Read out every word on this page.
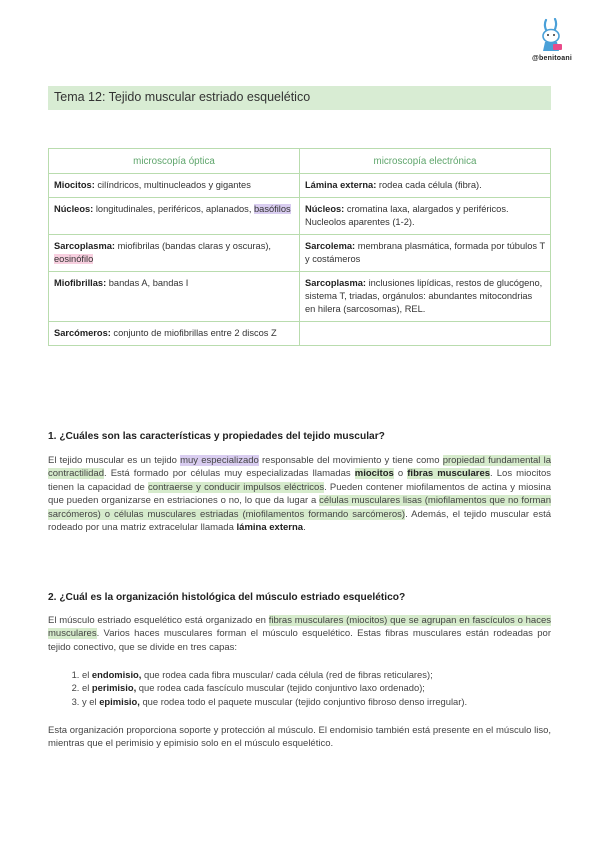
@benitoani
Tema 12: Tejido muscular estriado esquelético
microscopía óptica	microscopía electrónica
Miocitos: cilíndricos, multinucleados y gigantes	Lámina externa: rodea cada célula (fibra).
Núcleos: longitudinales, periféricos, aplanados, basófilos	Núcleos: cromatina laxa, alargados y periféricos. Nucleolos aparentes (1-2).
Sarcoplasma: miofibrilas (bandas claras y oscuras), eosinófilo	Sarcolema: membrana plasmática, formada por túbulos T y costámeros
Miofibrillas: bandas A, bandas I	Sarcoplasma: inclusiones lipídicas, restos de glucógeno, sistema T, triadas, orgánulos: abundantes mitocondrias en hilera (sarcosomas), REL.
Sarcómeros: conjunto de miofibrillas entre 2 discos Z	
1. ¿Cuáles son las características y propiedades del tejido muscular?
El tejido muscular es un tejido muy especializado responsable del movimiento y tiene como propiedad fundamental la contractilidad. Está formado por células muy especializadas llamadas miocitos o fibras musculares. Los miocitos tienen la capacidad de contraerse y conducir impulsos eléctricos. Pueden contener miofilamentos de actina y miosina que pueden organizarse en estriaciones o no, lo que da lugar a células musculares lisas (miofilamentos que no forman sarcómeros) o células musculares estriadas (miofilamentos formando sarcómeros). Además, el tejido muscular está rodeado por una matriz extracelular llamada lámina externa.
2. ¿Cuál es la organización histológica del músculo estriado esquelético?
El músculo estriado esquelético está organizado en fibras musculares (miocitos) que se agrupan en fascículos o haces musculares. Varios haces musculares forman el músculo esquelético. Estas fibras musculares están rodeadas por tejido conectivo, que se divide en tres capas:
1. el endomisio, que rodea cada fibra muscular/ cada célula (red de fibras reticulares);
2. el perimisio, que rodea cada fascículo muscular (tejido conjuntivo laxo ordenado);
3. y el epimisio, que rodea todo el paquete muscular (tejido conjuntivo fibroso denso irregular).
Esta organización proporciona soporte y protección al músculo. El endomisio también está presente en el músculo liso, mientras que el perimisio y epimisio solo en el músculo esquelético.
